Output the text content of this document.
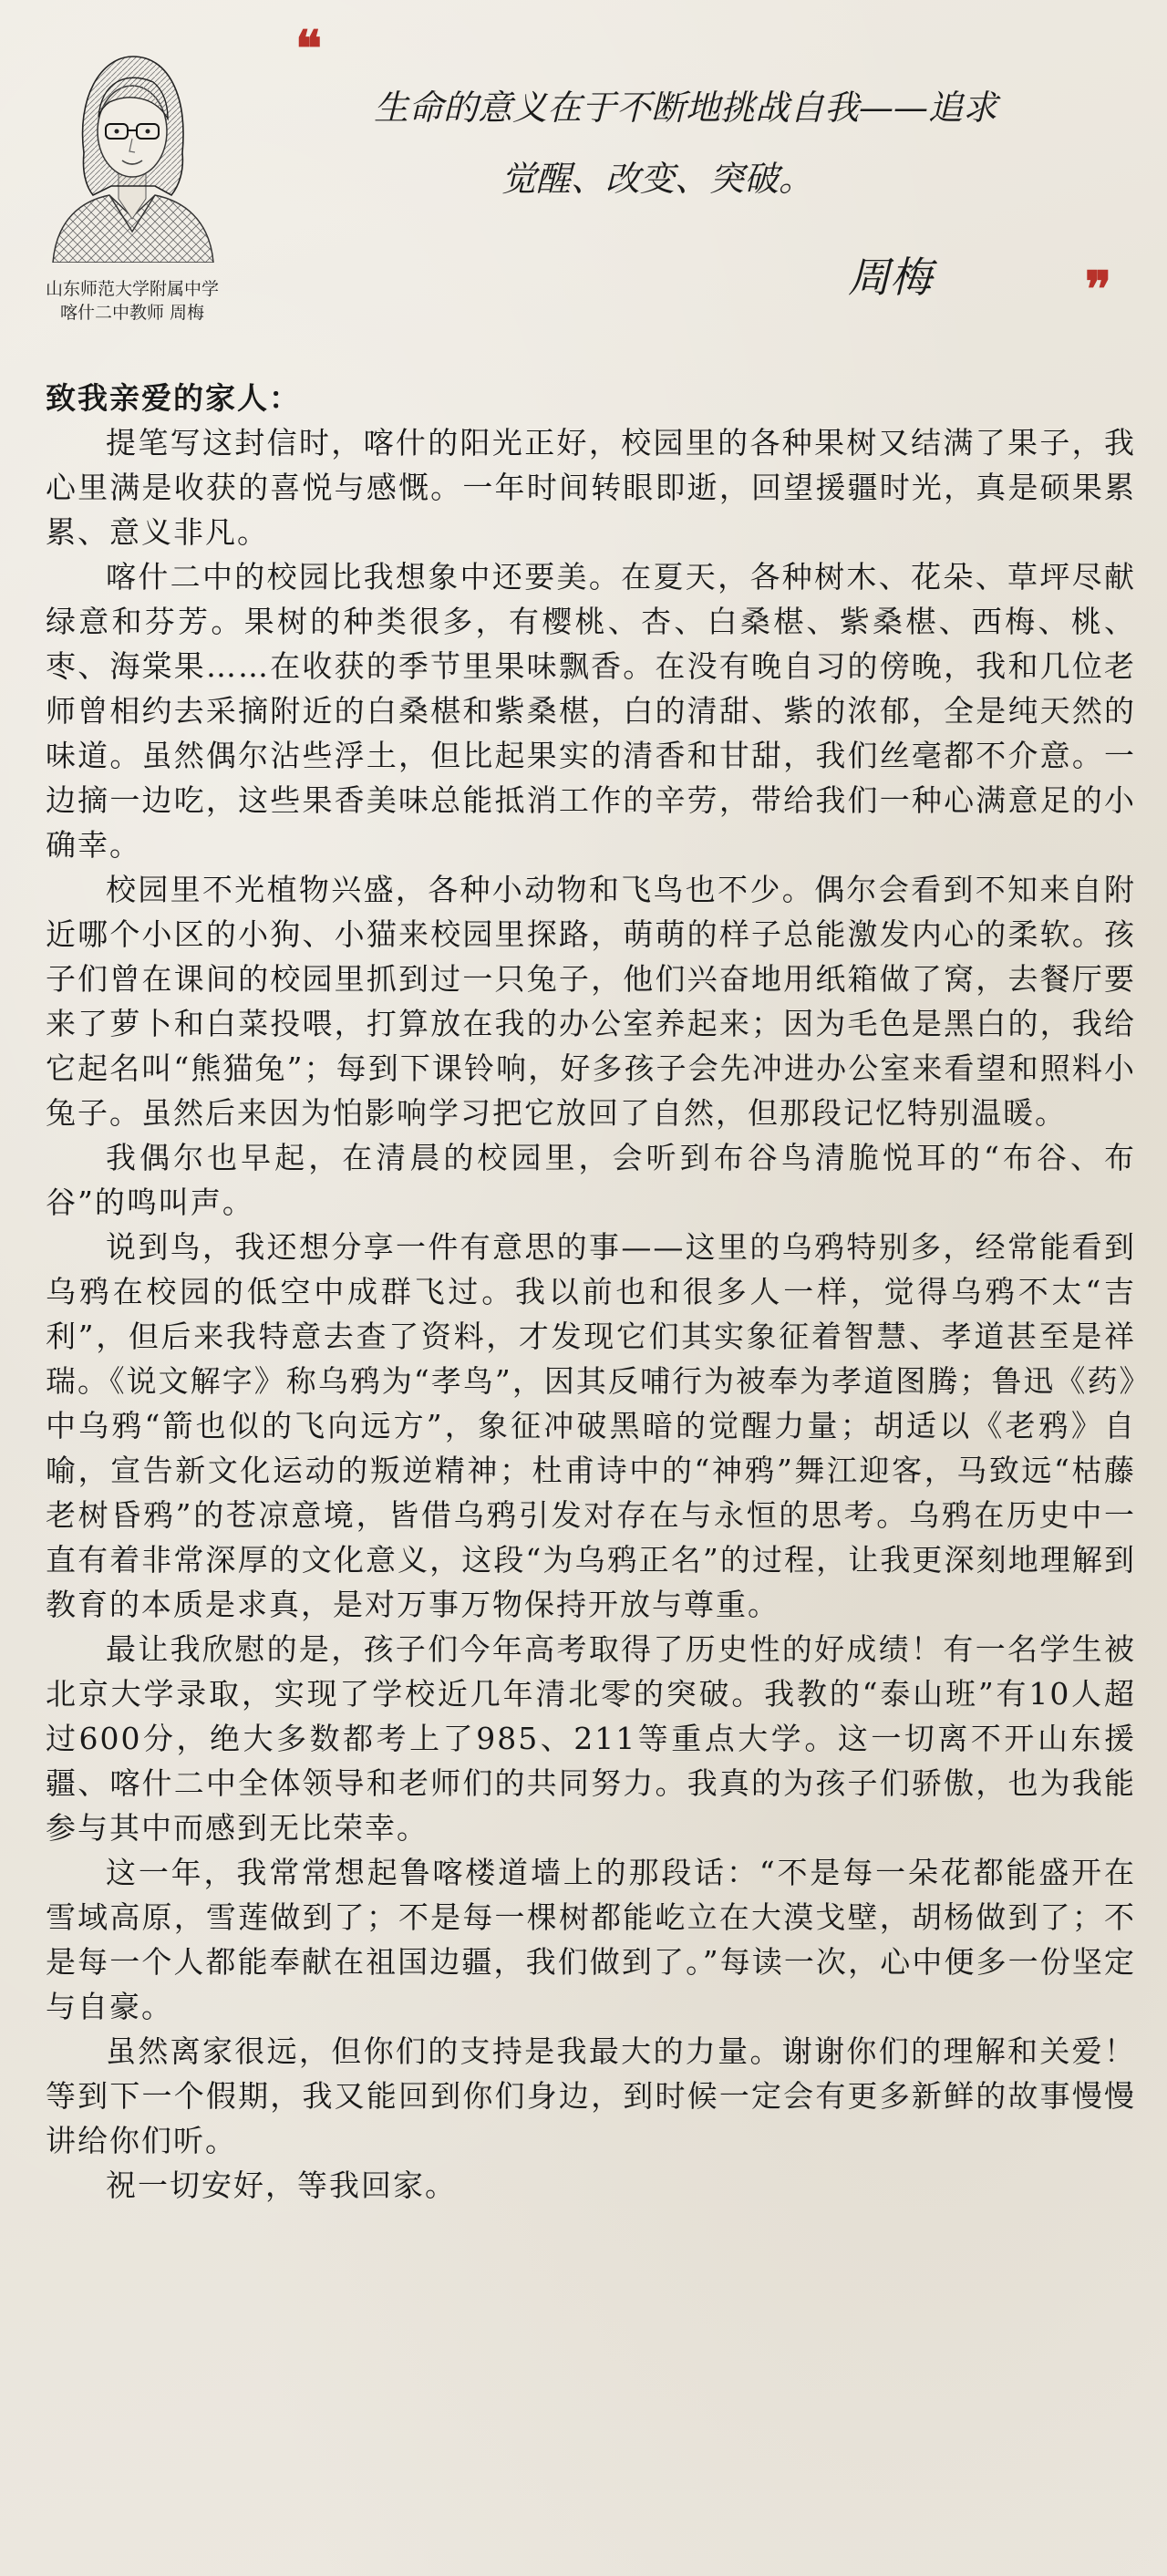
山东师范大学附属中学
喀什二中教师 周梅
❝
生命的意义在于不断地挑战自我——追求
觉醒、改变、突破。
周梅	❞

致我亲爱的家人：

提笔写这封信时，喀什的阳光正好，校园里的各种果树又结满了果子，我心里满是收获的喜悦与感慨。一年时间转眼即逝，回望援疆时光，真是硕果累累、意义非凡。

喀什二中的校园比我想象中还要美。在夏天，各种树木、花朵、草坪尽献绿意和芬芳。果树的种类很多，有樱桃、杏、白桑椹、紫桑椹、西梅、桃、枣、海棠果……在收获的季节里果味飘香。在没有晚自习的傍晚，我和几位老师曾相约去采摘附近的白桑椹和紫桑椹，白的清甜、紫的浓郁，全是纯天然的味道。虽然偶尔沾些浮土，但比起果实的清香和甘甜，我们丝毫都不介意。一边摘一边吃，这些果香美味总能抵消工作的辛劳，带给我们一种心满意足的小确幸。

校园里不光植物兴盛，各种小动物和飞鸟也不少。偶尔会看到不知来自附近哪个小区的小狗、小猫来校园里探路，萌萌的样子总能激发内心的柔软。孩子们曾在课间的校园里抓到过一只兔子，他们兴奋地用纸箱做了窝，去餐厅要来了萝卜和白菜投喂，打算放在我的办公室养起来；因为毛色是黑白的，我给它起名叫“熊猫兔”；每到下课铃响，好多孩子会先冲进办公室来看望和照料小兔子。虽然后来因为怕影响学习把它放回了自然，但那段记忆特别温暖。

我偶尔也早起，在清晨的校园里，会听到布谷鸟清脆悦耳的“布谷、布谷”的鸣叫声。

说到鸟，我还想分享一件有意思的事——这里的乌鸦特别多，经常能看到乌鸦在校园的低空中成群飞过。我以前也和很多人一样，觉得乌鸦不太“吉利”，但后来我特意去查了资料，才发现它们其实象征着智慧、孝道甚至是祥瑞。《说文解字》称乌鸦为“孝鸟”，因其反哺行为被奉为孝道图腾；鲁迅《药》中乌鸦“箭也似的飞向远方”，象征冲破黑暗的觉醒力量；胡适以《老鸦》自喻，宣告新文化运动的叛逆精神；杜甫诗中的“神鸦”舞江迎客，马致远“枯藤老树昏鸦”的苍凉意境，皆借乌鸦引发对存在与永恒的思考。乌鸦在历史中一直有着非常深厚的文化意义，这段“为乌鸦正名”的过程，让我更深刻地理解到教育的本质是求真，是对万事万物保持开放与尊重。

最让我欣慰的是，孩子们今年高考取得了历史性的好成绩！有一名学生被北京大学录取，实现了学校近几年清北零的突破。我教的“泰山班”有10人超过600分，绝大多数都考上了985、211等重点大学。这一切离不开山东援疆、喀什二中全体领导和老师们的共同努力。我真的为孩子们骄傲，也为我能参与其中而感到无比荣幸。

这一年，我常常想起鲁喀楼道墙上的那段话：“不是每一朵花都能盛开在雪域高原，雪莲做到了；不是每一棵树都能屹立在大漠戈壁，胡杨做到了；不是每一个人都能奉献在祖国边疆，我们做到了。”每读一次，心中便多一份坚定与自豪。

虽然离家很远，但你们的支持是我最大的力量。谢谢你们的理解和关爱！等到下一个假期，我又能回到你们身边，到时候一定会有更多新鲜的故事慢慢讲给你们听。

祝一切安好，等我回家。
